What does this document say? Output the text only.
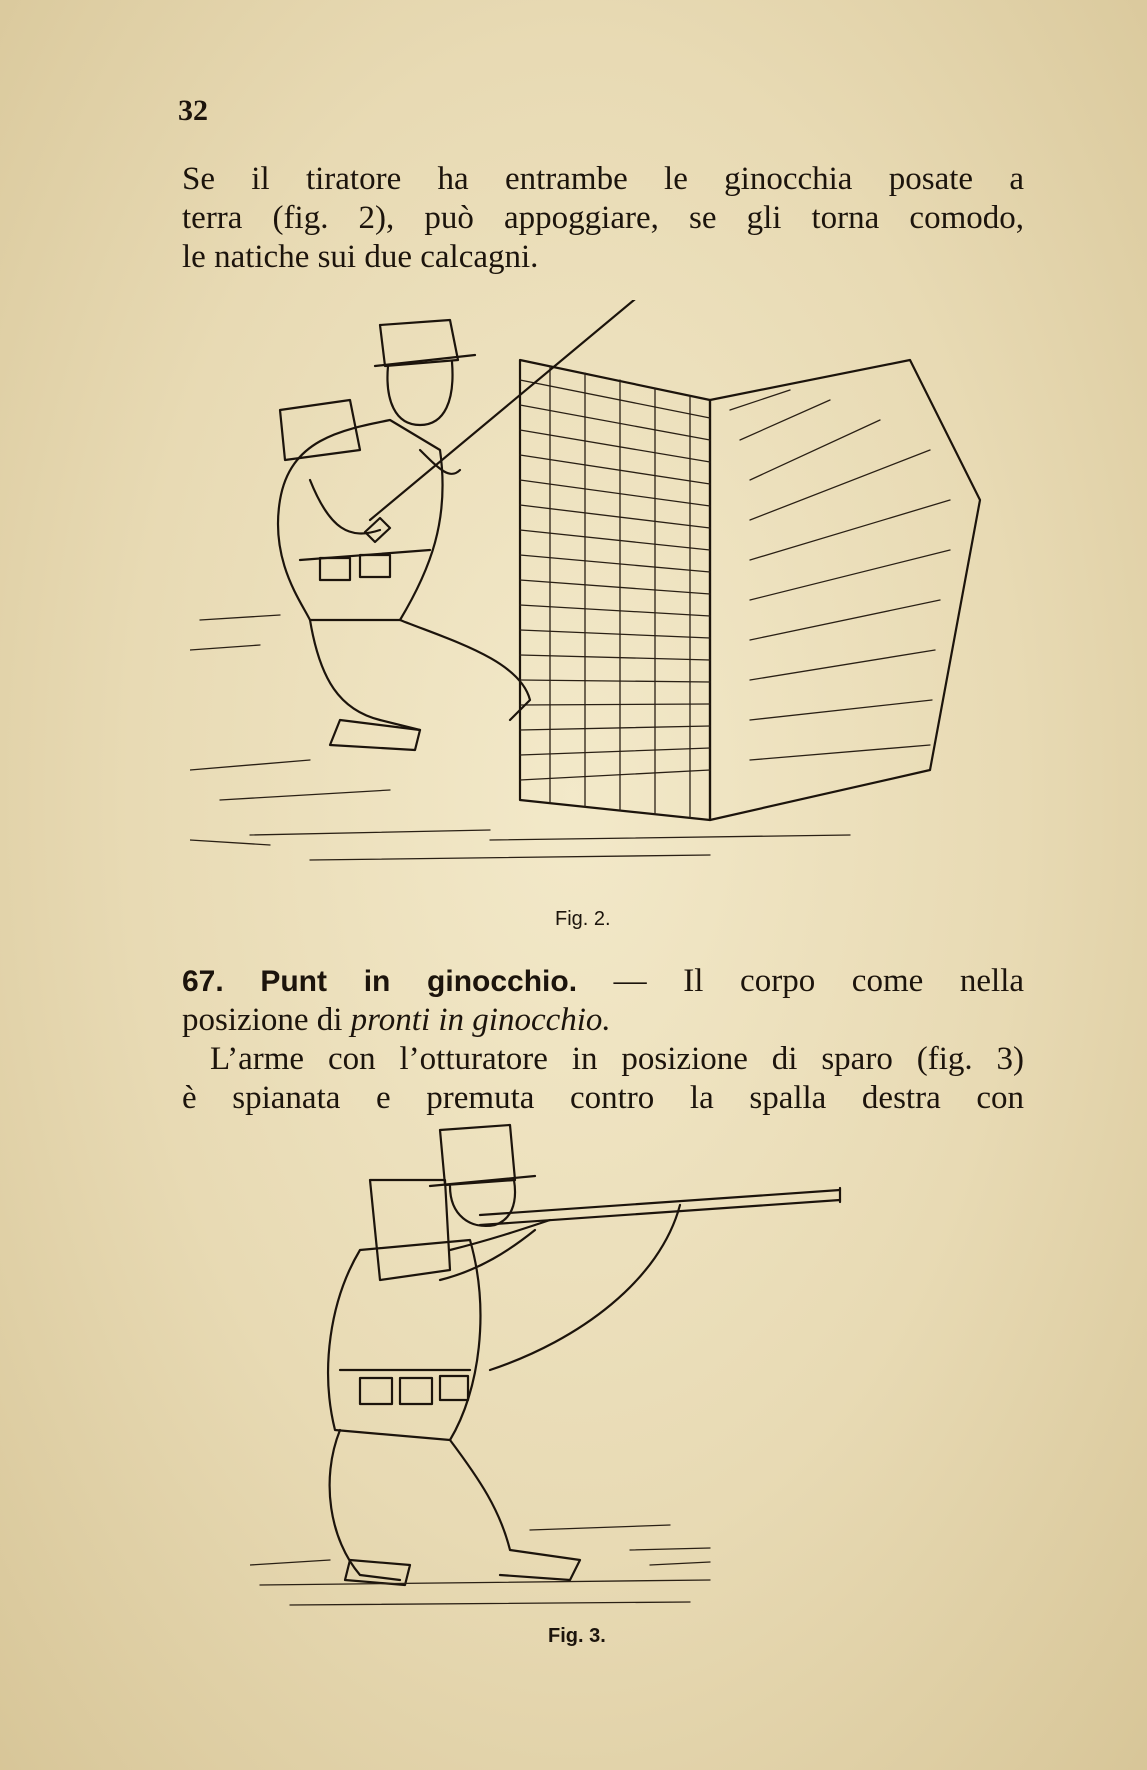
32
Se il tiratore ha entrambe le ginocchia posate a
terra (fig. 2), può appoggiare, se gli torna comodo,
le natiche sui due calcagni.
Fig. 2.
67. Punt in ginocchio. — Il corpo come nella
posizione di pronti in ginocchio.
L’arme con l’otturatore in posizione di sparo (fig. 3)
è spianata e premuta contro la spalla destra con
Fig. 3.
